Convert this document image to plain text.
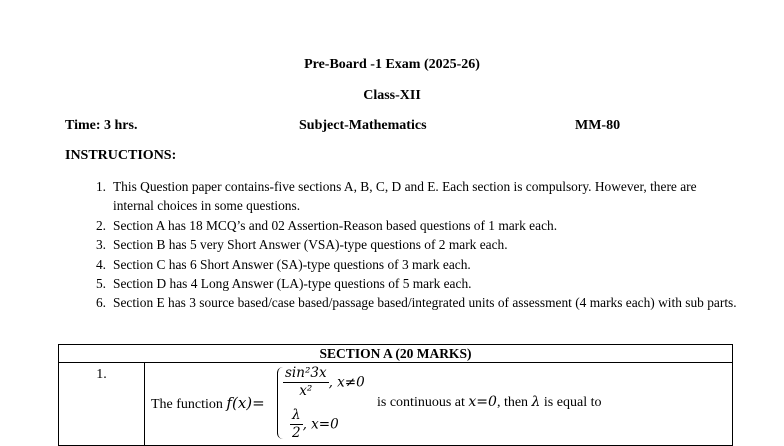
Pre-Board -1 Exam (2025-26)
Class-XII
Time: 3 hrs.	Subject-Mathematics	MM-80
INSTRUCTIONS:
1. This Question paper contains-five sections A, B, C, D and E. Each section is compulsory. However, there are internal choices in some questions.
2. Section A has 18 MCQ’s and 02 Assertion-Reason based questions of 1 mark each.
3. Section B has 5 very Short Answer (VSA)-type questions of 2 mark each.
4. Section C has 6 Short Answer (SA)-type questions of 3 mark each.
5. Section D has 4 Long Answer (LA)-type questions of 5 mark each.
6. Section E has 3 source based/case based/passage based/integrated units of assessment (4 marks each) with sub parts.
SECTION A (20 MARKS)
1.	
The function f(x)=
$\frac{\text{sin²3x}}{\text{x²}}$ , x≠0
$\frac{\lambda}{2}$ , x=0
is continuous at x=0, then λ is equal to
